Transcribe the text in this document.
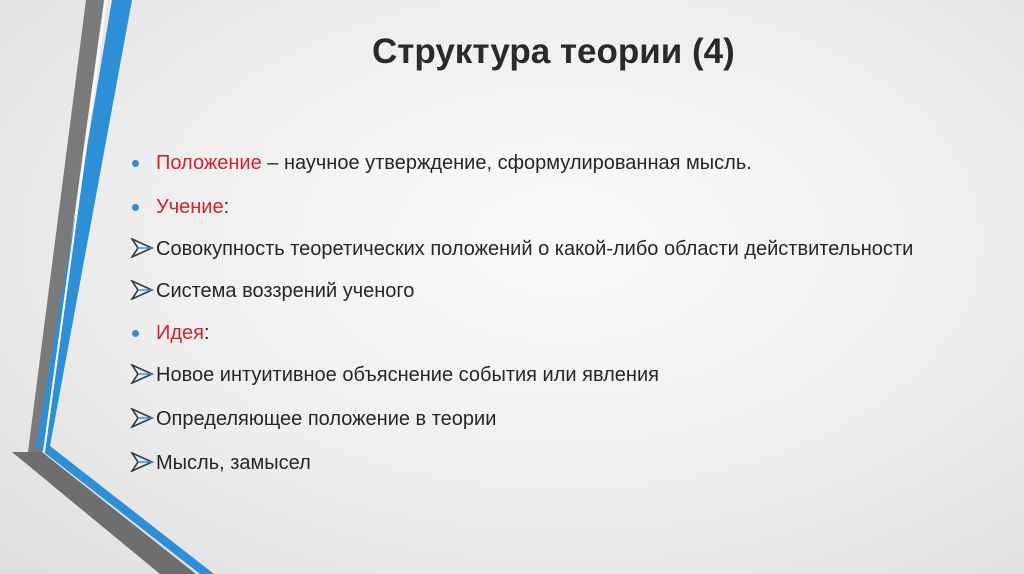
Структура теории (4)
Положение – научное утверждение, сформулированная мысль.
Учение:
Совокупность теоретических положений о какой-либо области действительности
Система воззрений ученого
Идея:
Новое интуитивное объяснение события или явления
Определяющее положение в теории
Мысль, замысел
